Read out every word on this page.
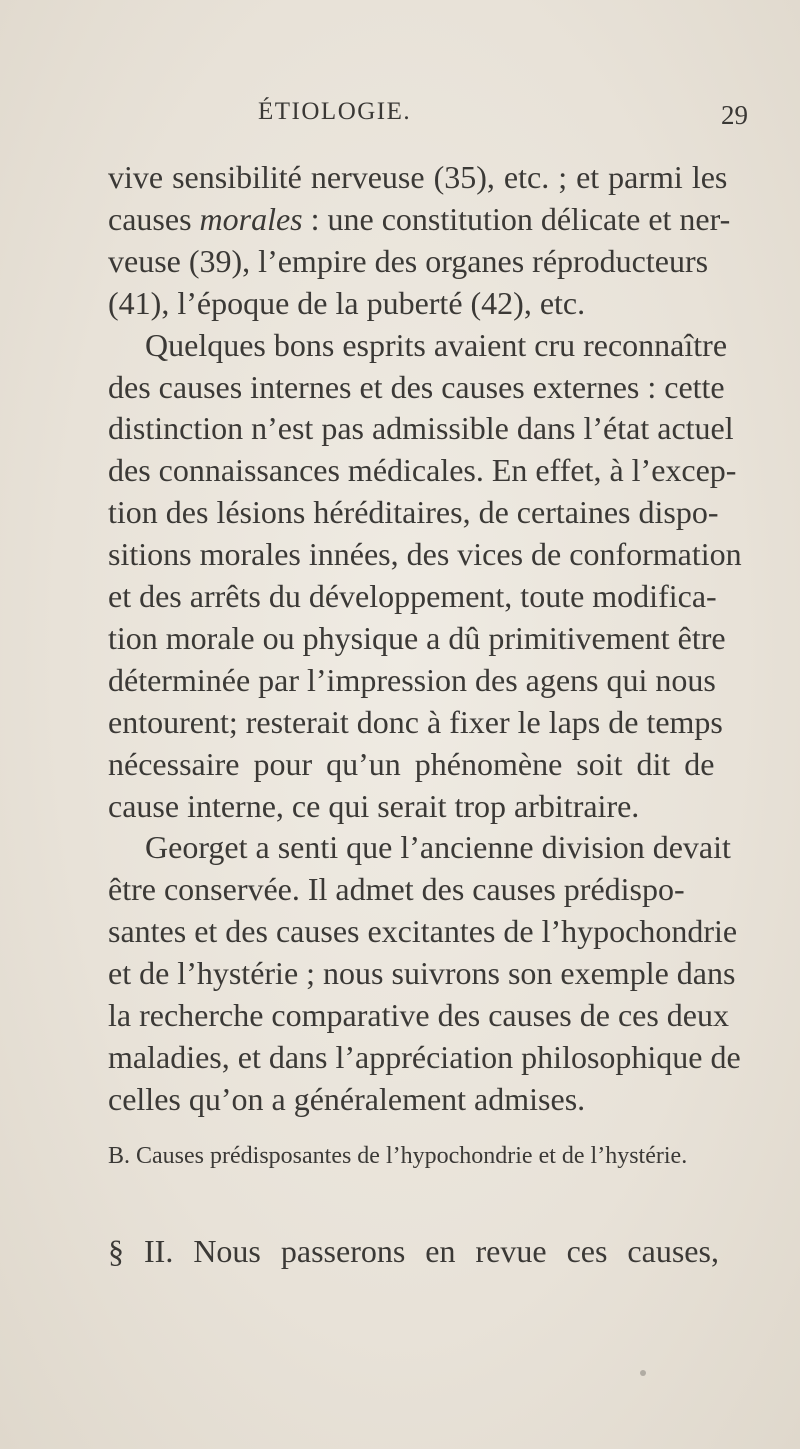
ÉTIOLOGIE.	29
vive sensibilité nerveuse (35), etc. ; et parmi les
causes morales : une constitution délicate et ner-
veuse (39), l’empire des organes réproducteurs
(41), l’époque de la puberté (42), etc.
Quelques bons esprits avaient cru reconnaître
des causes internes et des causes externes : cette
distinction n’est pas admissible dans l’état actuel
des connaissances médicales. En effet, à l’excep-
tion des lésions héréditaires, de certaines dispo-
sitions morales innées, des vices de conformation
et des arrêts du développement, toute modifica-
tion morale ou physique a dû primitivement être
déterminée par l’impression des agens qui nous
entourent; resterait donc à fixer le laps de temps
nécessaire pour qu’un phénomène soit dit de
cause interne, ce qui serait trop arbitraire.
Georget a senti que l’ancienne division devait
être conservée. Il admet des causes prédispo-
santes et des causes excitantes de l’hypochondrie
et de l’hystérie ; nous suivrons son exemple dans
la recherche comparative des causes de ces deux
maladies, et dans l’appréciation philosophique de
celles qu’on a généralement admises.
B. Causes prédisposantes de l’hypochondrie et de l’hystérie.
§ II. Nous passerons en revue ces causes,
